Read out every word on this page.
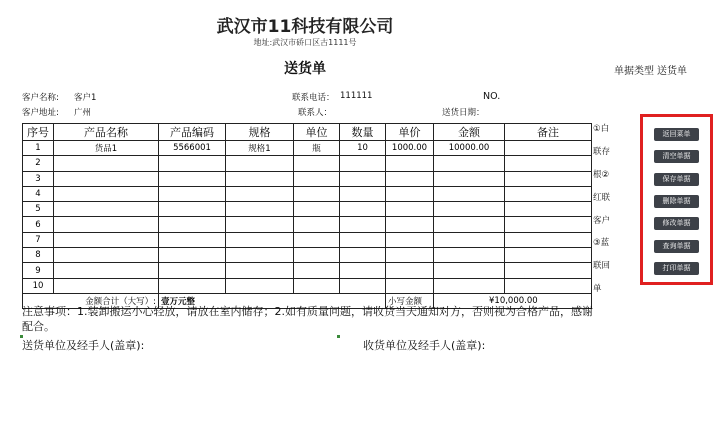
武汉市11科技有限公司
地址:武汉市硚口区古1111号
送货单	单据类型 送货单
客户名称: 客户1	联系电话： 111111	NO.
客户地址: 广州	联系人：	送货日期：
序号	产品名称	产品编码	规格	单位	数量	单价	金额	备注
1	货品1	5566001	规格1	瓶	10	1000.00	10000.00	
2								
3								
4								
5								
6								
7								
8								
9								
10								
金额合计（大写）:		壹万元整				小写金额	¥10,000.00	
①白
联存
根②
红联
客户
③蓝
联回
单
返回菜单
清空单据
保存单据
删除单据
修改单据
查询单据
打印单据
注意事项：1.装卸搬运小心轻放，请放在室内储存；2.如有质量问题，请收货当天通知对方，否则视为合格产品，感谢配合。
送货单位及经手人(盖章):	收货单位及经手人(盖章):
